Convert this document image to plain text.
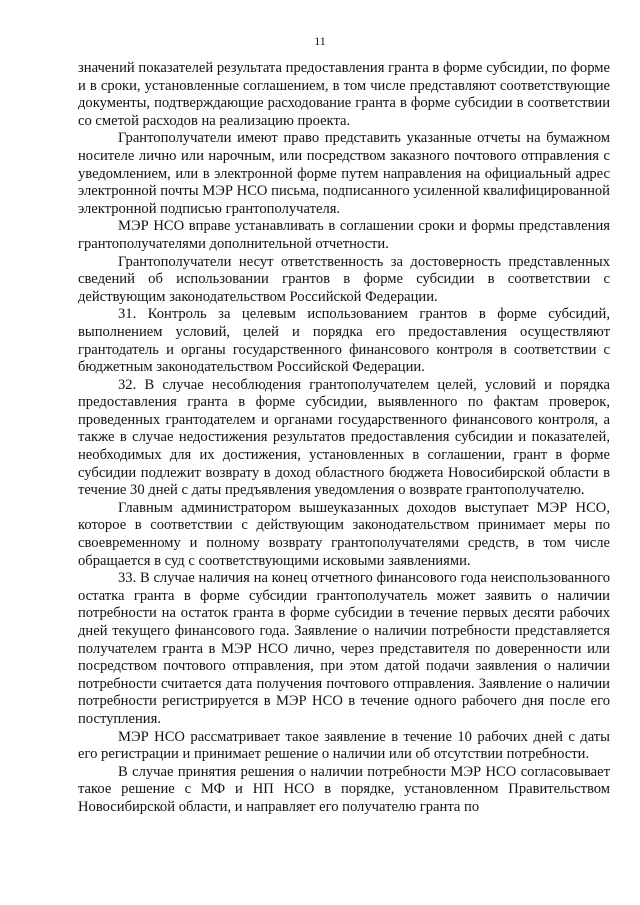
11

значений показателей результата предоставления гранта в форме субсидии, по форме и в сроки, установленные соглашением, в том числе представляют соответствующие документы, подтверждающие расходование гранта в форме субсидии в соответствии со сметой расходов на реализацию проекта.

Грантополучатели имеют право представить указанные отчеты на бумажном носителе лично или нарочным, или посредством заказного почтового отправления с уведомлением, или в электронной форме путем направления на официальный адрес электронной почты МЭР НСО письма, подписанного усиленной квалифицированной электронной подписью грантополучателя.

МЭР НСО вправе устанавливать в соглашении сроки и формы представления грантополучателями дополнительной отчетности.

Грантополучатели несут ответственность за достоверность представленных сведений об использовании грантов в форме субсидии в соответствии с действующим законодательством Российской Федерации.

31. Контроль за целевым использованием грантов в форме субсидий, выполнением условий, целей и порядка его предоставления осуществляют грантодатель и органы государственного финансового контроля в соответствии с бюджетным законодательством Российской Федерации.

32. В случае несоблюдения грантополучателем целей, условий и порядка предоставления гранта в форме субсидии, выявленного по фактам проверок, проведенных грантодателем и органами государственного финансового контроля, а также в случае недостижения результатов предоставления субсидии и показателей, необходимых для их достижения, установленных в соглашении, грант в форме субсидии подлежит возврату в доход областного бюджета Новосибирской области в течение 30 дней с даты предъявления уведомления о возврате грантополучателю.

Главным администратором вышеуказанных доходов выступает МЭР НСО, которое в соответствии с действующим законодательством принимает меры по своевременному и полному возврату грантополучателями средств, в том числе обращается в суд с соответствующими исковыми заявлениями.

33. В случае наличия на конец отчетного финансового года неиспользованного остатка гранта в форме субсидии грантополучатель может заявить о наличии потребности на остаток гранта в форме субсидии в течение первых десяти рабочих дней текущего финансового года. Заявление о наличии потребности представляется получателем гранта в МЭР НСО лично, через представителя по доверенности или посредством почтового отправления, при этом датой подачи заявления о наличии потребности считается дата получения почтового отправления. Заявление о наличии потребности регистрируется в МЭР НСО в течение одного рабочего дня после его поступления.

МЭР НСО рассматривает такое заявление в течение 10 рабочих дней с даты его регистрации и принимает решение о наличии или об отсутствии потребности.

В случае принятия решения о наличии потребности МЭР НСО согласовывает такое решение с МФ и НП НСО в порядке, установленном Правительством Новосибирской области, и направляет его получателю гранта по
